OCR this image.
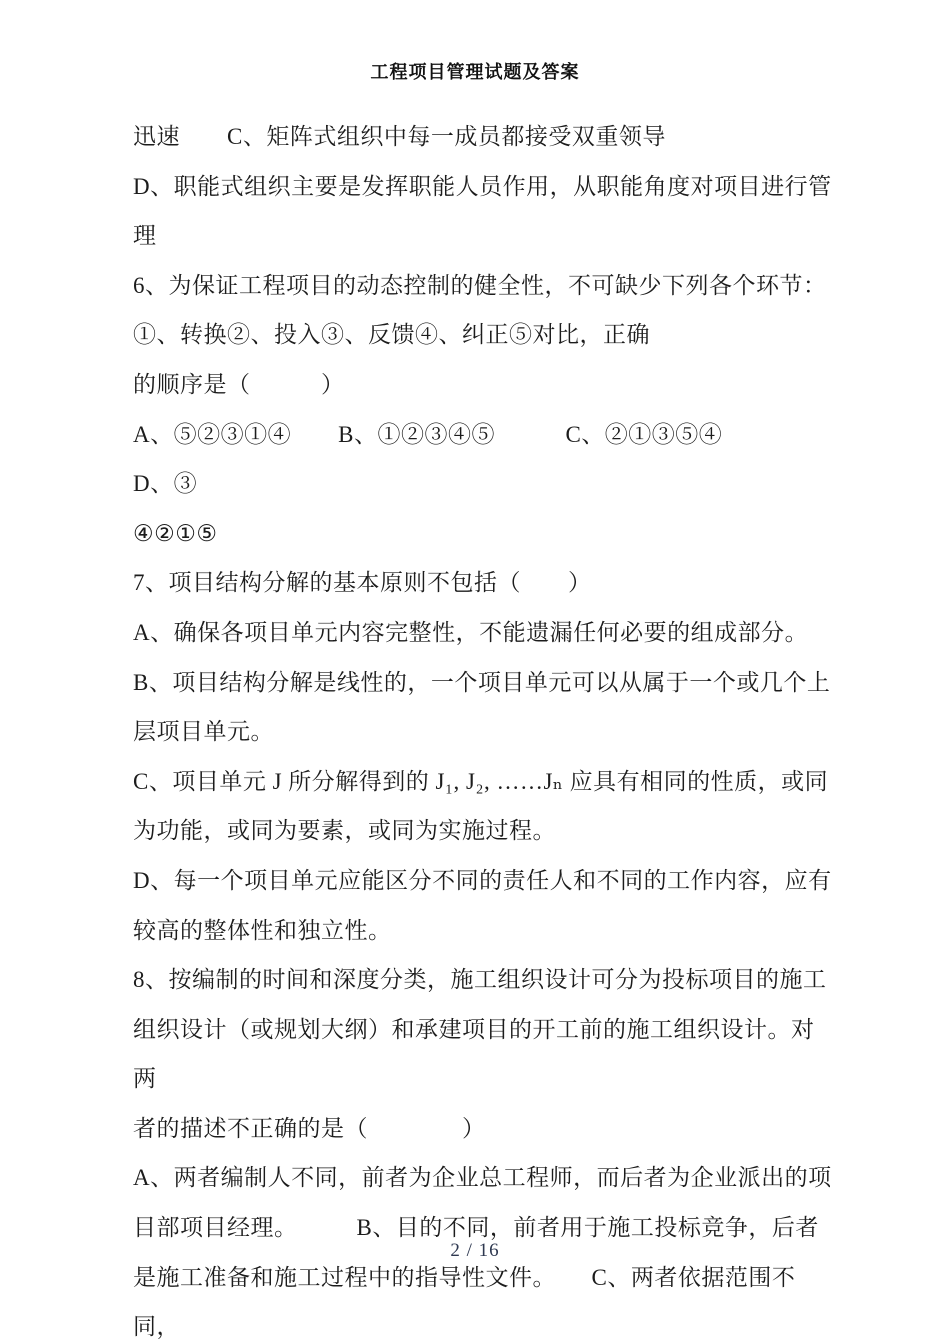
工程项目管理试题及答案

迅速　　C、矩阵式组织中每一成员都接受双重领导

D、职能式组织主要是发挥职能人员作用，从职能角度对项目进行管

理

6、为保证工程项目的动态控制的健全性，不可缺少下列各个环节：

①、转换②、投入③、反馈④、纠正⑤对比，正确

的顺序是（　　　）

A、⑤②③①④　　B、①②③④⑤　　　C、②①③⑤④　　　　D、③

④②①⑤

7、项目结构分解的基本原则不包括（　　）

A、确保各项目单元内容完整性，不能遗漏任何必要的组成部分。

B、项目结构分解是线性的，一个项目单元可以从属于一个或几个上

层项目单元。

C、项目单元 J 所分解得到的 J₁, J₂, ……Jₙ 应具有相同的性质，或同

为功能，或同为要素，或同为实施过程。

D、每一个项目单元应能区分不同的责任人和不同的工作内容，应有

较高的整体性和独立性。

8、按编制的时间和深度分类，施工组织设计可分为投标项目的施工

组织设计（或规划大纲）和承建项目的开工前的施工组织设计。对两

者的描述不正确的是（　　　　）

A、两者编制人不同，前者为企业总工程师，而后者为企业派出的项

目部项目经理。　　　B、目的不同，前者用于施工投标竞争，后者

是施工准备和施工过程中的指导性文件。　　C、两者依据范围不同，

2 / 16
